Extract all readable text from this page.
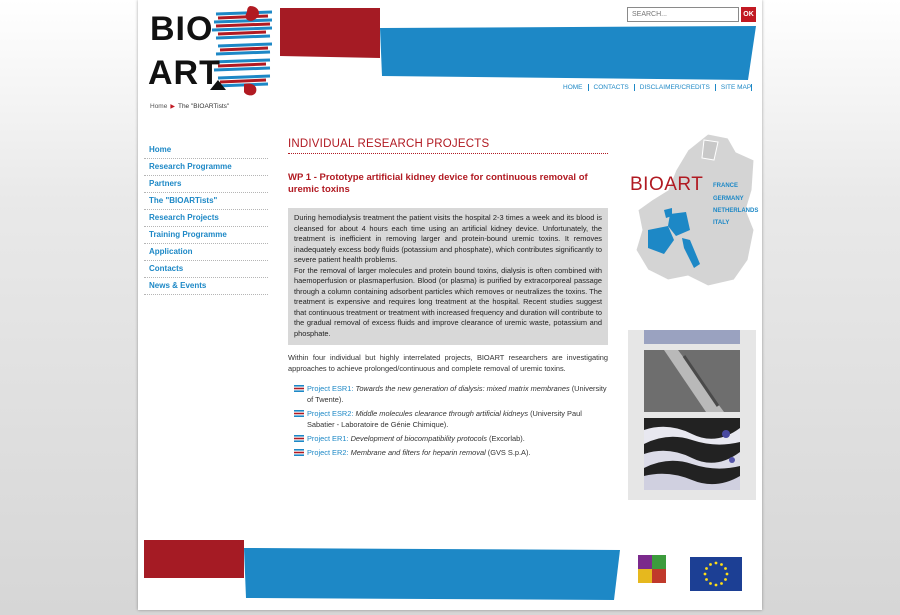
BIO
ART
SEARCH...
OK
HOME CONTACTS DISCLAIMER/CREDITS SITE MAP
Home ▶ The "BIOARTists"
Home
Research Programme
Partners
The "BIOARTists"
Research Projects
Training Programme
Application
Contacts
News & Events
INDIVIDUAL RESEARCH PROJECTS
WP 1 - Prototype artificial kidney device for continuous removal of uremic toxins

During hemodialysis treatment the patient visits the hospital 2-3 times a week and its blood is cleansed for about 4 hours each time using an artificial kidney device. Unfortunately, the treatment is inefficient in removing larger and protein-bound uremic toxins. It removes inadequately excess body fluids (potassium and phosphate), which contributes significantly to severe patient health problems.

For the removal of larger molecules and protein bound toxins, dialysis is often combined with haemoperfusion or plasmaperfusion. Blood (or plasma) is purified by extracorporeal passage through a column containing adsorbent particles which removes or neutralizes the toxins. The treatment is expensive and requires long treatment at the hospital. Recent studies suggest that continuous treatment or treatment with increased frequency and duration will contribute to the gradual removal of excess fluids and improve clearance of uremic waste, potassium and phosphate.

Within four individual but highly interrelated projects, BIOART researchers are investigating approaches to achieve prolonged/continuous and complete removal of uremic toxins.
Project ESR1: Towards the new generation of dialysis: mixed matrix membranes (University of Twente).
Project ESR2: Middle molecules clearance through artificial kidneys (University Paul Sabatier - Laboratoire de Génie Chimique).
Project ER1: Development of biocompatibility protocols (Excorlab).
Project ER2: Membrane and filters for heparin removal (GVS S.p.A).
BIOART FRANCE
GERMANY
NETHERLANDS
ITALY
